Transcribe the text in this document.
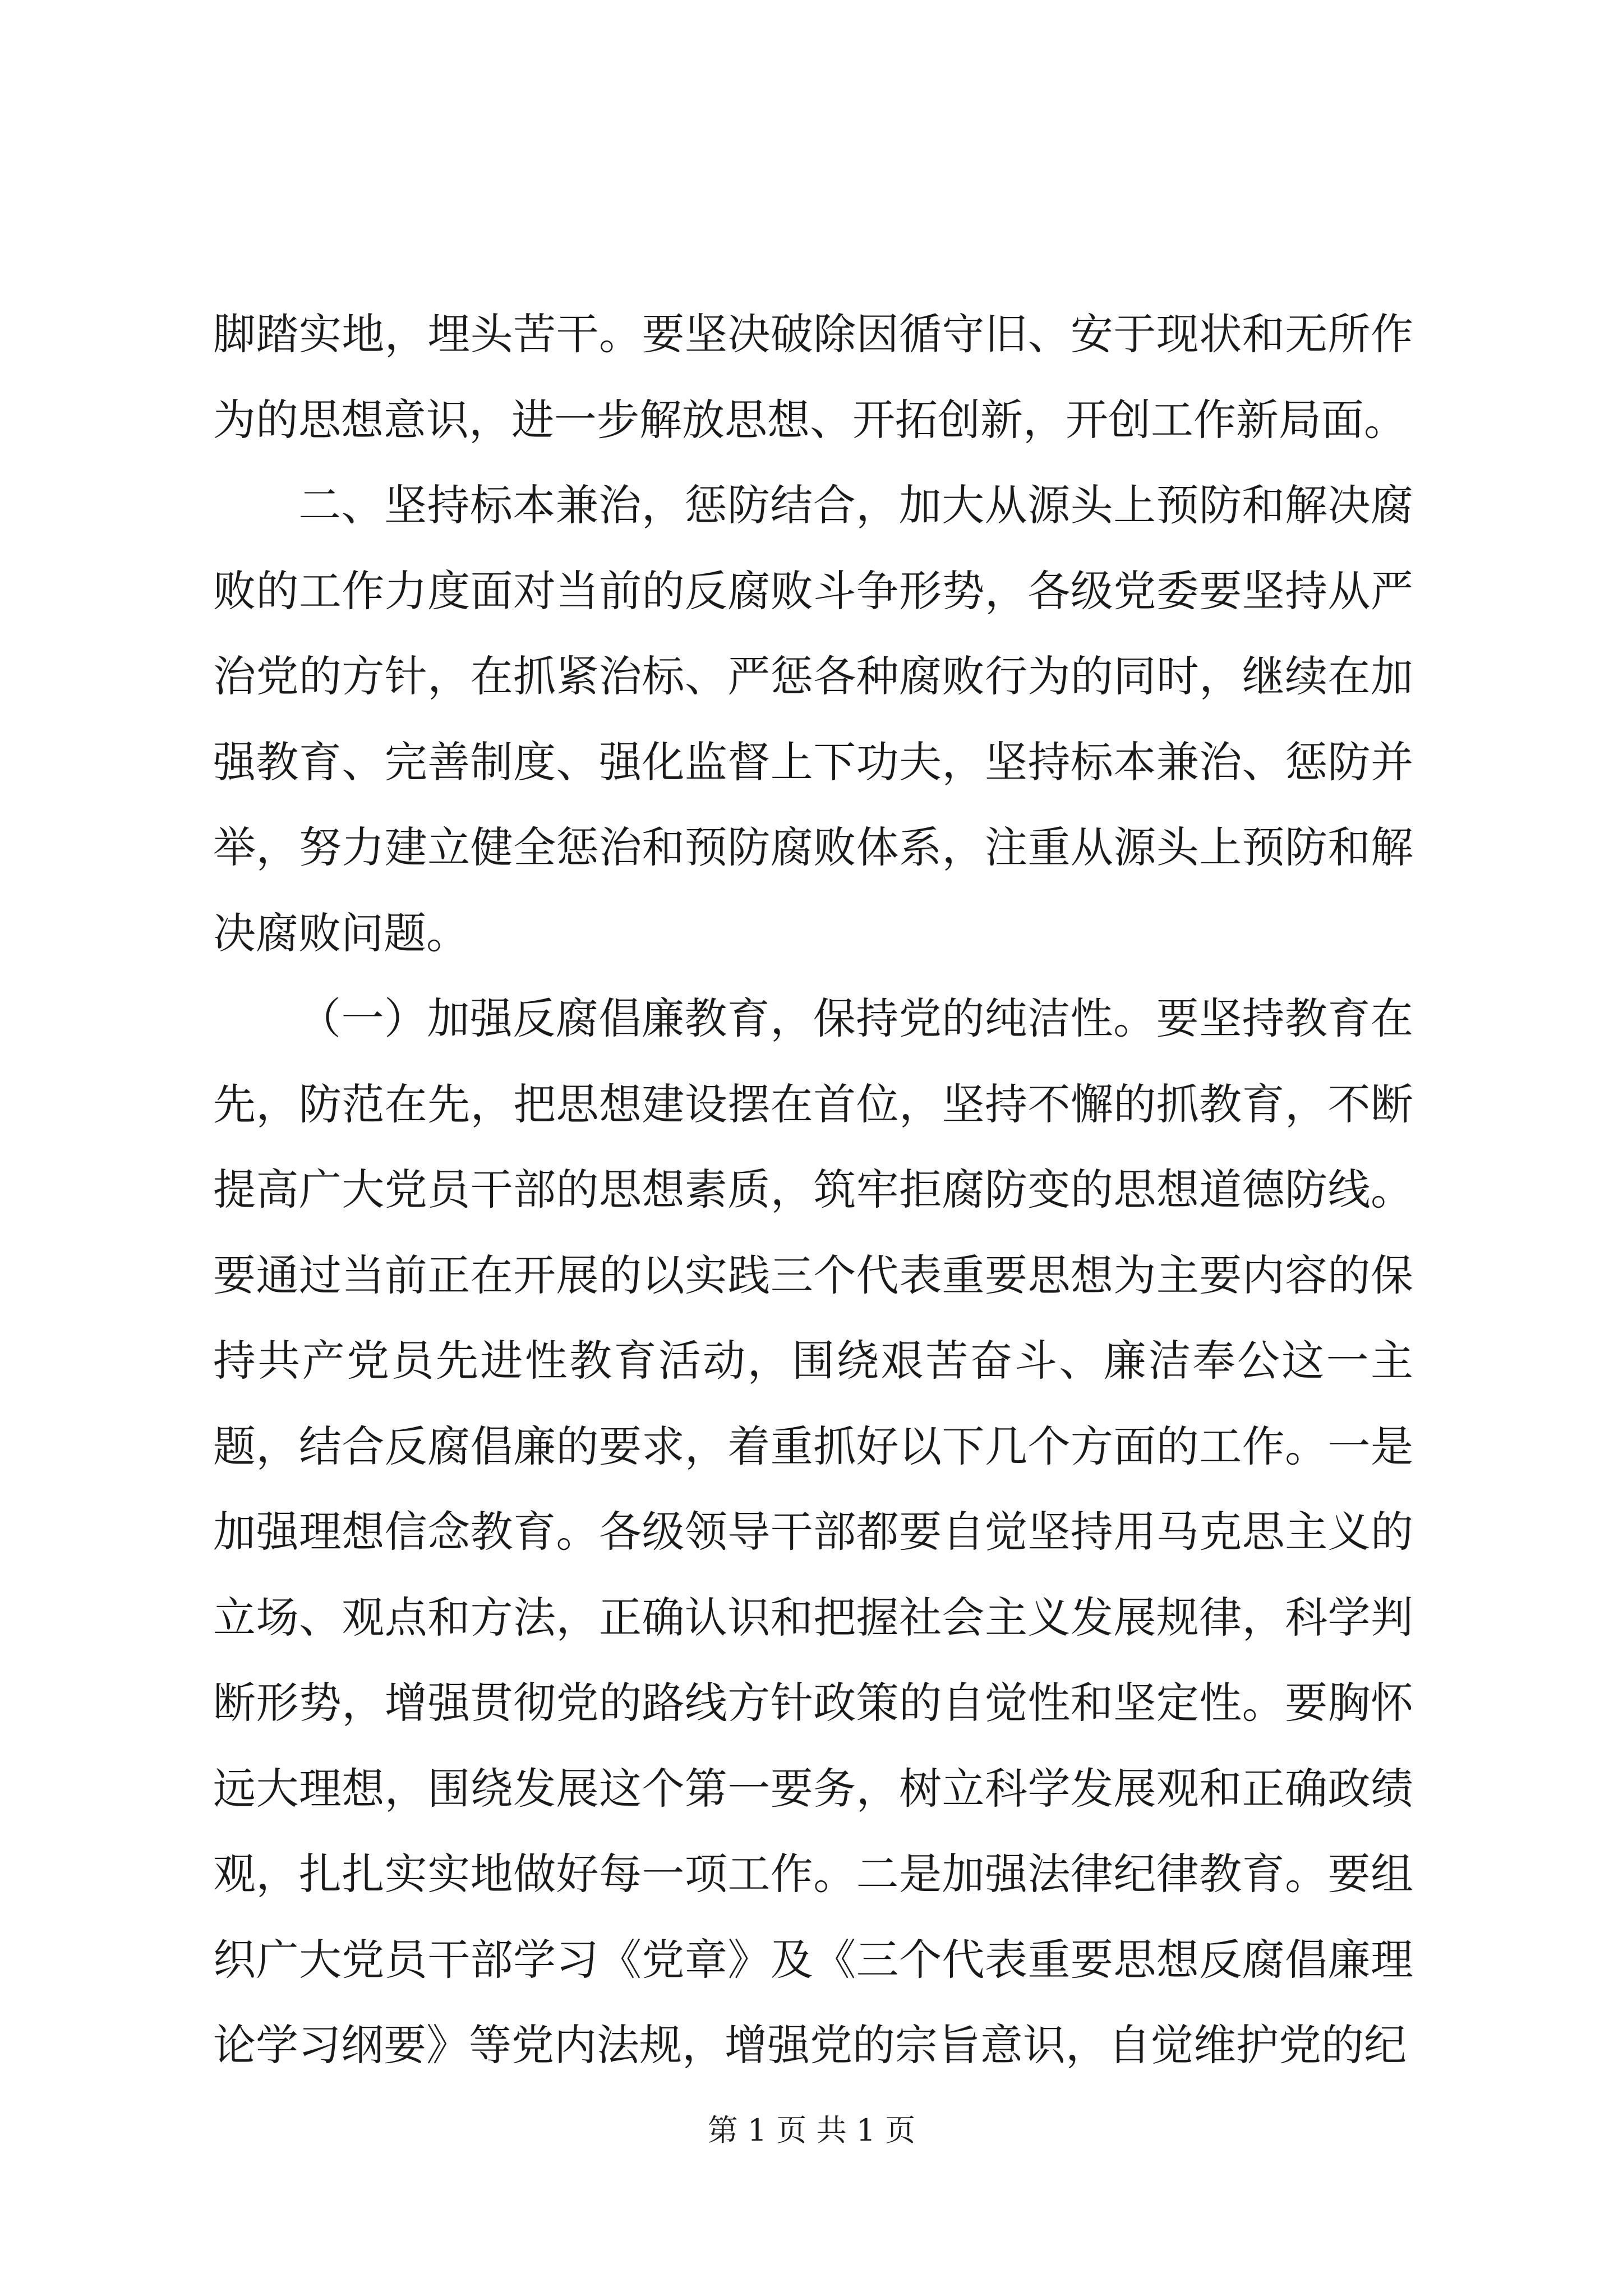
脚踏实地，埋头苦干。要坚决破除因循守旧、安于现状和无所作为的思想意识，进一步解放思想、开拓创新，开创工作新局面。

二、坚持标本兼治，惩防结合，加大从源头上预防和解决腐败的工作力度面对当前的反腐败斗争形势，各级党委要坚持从严治党的方针，在抓紧治标、严惩各种腐败行为的同时，继续在加强教育、完善制度、强化监督上下功夫，坚持标本兼治、惩防并举，努力建立健全惩治和预防腐败体系，注重从源头上预防和解决腐败问题。

（一）加强反腐倡廉教育，保持党的纯洁性。要坚持教育在先，防范在先，把思想建设摆在首位，坚持不懈的抓教育，不断提高广大党员干部的思想素质，筑牢拒腐防变的思想道德防线。要通过当前正在开展的以实践三个代表重要思想为主要内容的保持共产党员先进性教育活动，围绕艰苦奋斗、廉洁奉公这一主题，结合反腐倡廉的要求，着重抓好以下几个方面的工作。一是加强理想信念教育。各级领导干部都要自觉坚持用马克思主义的立场、观点和方法，正确认识和把握社会主义发展规律，科学判断形势，增强贯彻党的路线方针政策的自觉性和坚定性。要胸怀远大理想，围绕发展这个第一要务，树立科学发展观和正确政绩观，扎扎实实地做好每一项工作。二是加强法律纪律教育。要组织广大党员干部学习《党章》及《三个代表重要思想反腐倡廉理论学习纲要》等党内法规，增强党的宗旨意识，自觉维护党的纪

第 1 页 共 1 页
